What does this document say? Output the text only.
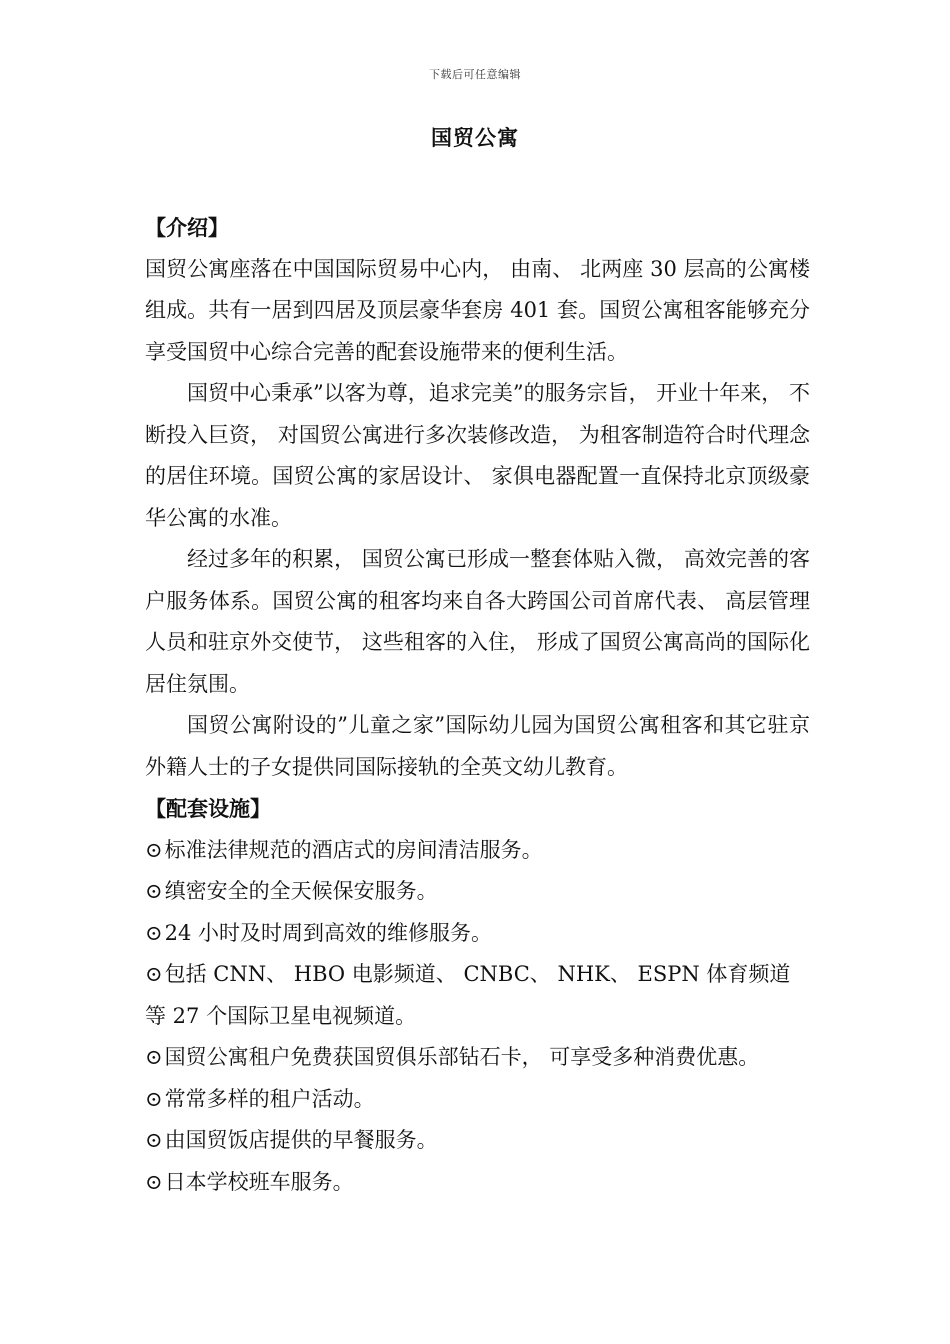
下载后可任意编辑
国贸公寓

【介绍】

国贸公寓座落在中国国际贸易中心内， 由南、 北两座 30 层高的公寓楼组成。共有一居到四居及顶层豪华套房 401 套。国贸公寓租客能够充分享受国贸中心综合完善的配套设施带来的便利生活。

国贸中心秉承”以客为尊，追求完美”的服务宗旨， 开业十年来， 不断投入巨资， 对国贸公寓进行多次装修改造， 为租客制造符合时代理念的居住环境。国贸公寓的家居设计、 家俱电器配置一直保持北京顶级豪华公寓的水准。

经过多年的积累， 国贸公寓已形成一整套体贴入微， 高效完善的客户服务体系。国贸公寓的租客均来自各大跨国公司首席代表、 高层管理人员和驻京外交使节， 这些租客的入住， 形成了国贸公寓高尚的国际化居住氛围。

国贸公寓附设的”儿童之家”国际幼儿园为国贸公寓租客和其它驻京外籍人士的子女提供同国际接轨的全英文幼儿教育。

【配套设施】

⊙标准法律规范的酒店式的房间清洁服务。

⊙缜密安全的全天候保安服务。

⊙24 小时及时周到高效的维修服务。

⊙包括 CNN、 HBO 电影频道、 CNBC、 NHK、 ESPN 体育频道等 27 个国际卫星电视频道。

⊙国贸公寓租户免费获国贸俱乐部钻石卡， 可享受多种消费优惠。

⊙常常多样的租户活动。

⊙由国贸饭店提供的早餐服务。

⊙日本学校班车服务。
